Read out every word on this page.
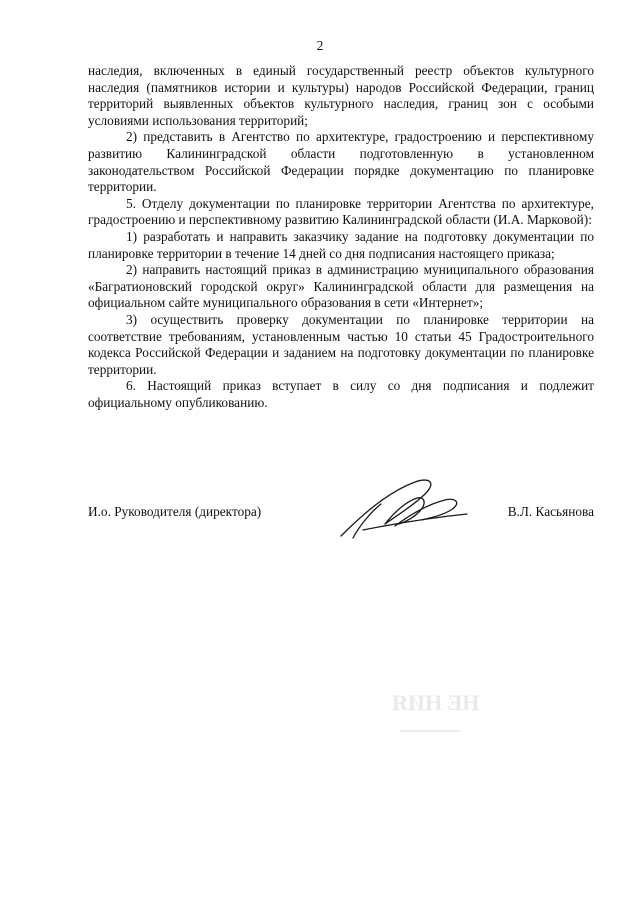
НЕ НИЯ
2

наследия, включенных в единый государственный реестр объектов культурного наследия (памятников истории и культуры) народов Российской Федерации, границ территорий выявленных объектов культурного наследия, границ зон с особыми условиями использования территорий;

2) представить в Агентство по архитектуре, градостроению и перспективному развитию Калининградской области подготовленную в установленном законодательством Российской Федерации порядке документацию по планировке территории.

5. Отделу документации по планировке территории Агентства по архитектуре, градостроению и перспективному развитию Калининградской области (И.А. Марковой):

1) разработать и направить заказчику задание на подготовку документации по планировке территории в течение 14 дней со дня подписания настоящего приказа;

2) направить настоящий приказ в администрацию муниципального образования «Багратионовский городской округ» Калининградской области для размещения на официальном сайте муниципального образования в сети «Интернет»;

3) осуществить проверку документации по планировке территории на соответствие требованиям, установленным частью 10 статьи 45 Градостроительного кодекса Российской Федерации и заданием на подготовку документации по планировке территории.

6. Настоящий приказ вступает в силу со дня подписания и подлежит официальному опубликованию.

И.о. Руководителя (директора)	В.Л. Касьянова
